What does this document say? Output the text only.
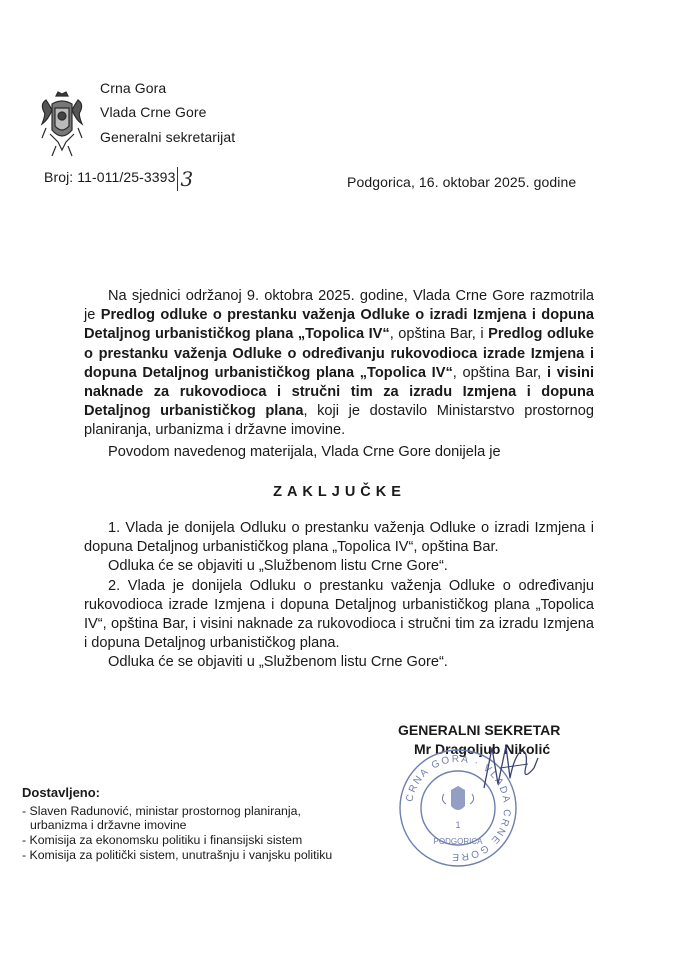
Crna Gora
Vlada Crne Gore
Generalni sekretarijat
Broj: 11-011/25-3393 3	Podgorica, 16. oktobar 2025. godine

Na sjednici održanoj 9. oktobra 2025. godine, Vlada Crne Gore razmotrila je Predlog odluke o prestanku važenja Odluke o izradi Izmjena i dopuna Detaljnog urbanističkog plana „Topolica IV“, opština Bar, i Predlog odluke o prestanku važenja Odluke o određivanju rukovodioca izrade Izmjena i dopuna Detaljnog urbanističkog plana „Topolica IV“, opština Bar, i visini naknade za rukovodioca i stručni tim za izradu Izmjena i dopuna Detaljnog urbanističkog plana, koji je dostavilo Ministarstvo prostornog planiranja, urbanizma i državne imovine.

Povodom navedenog materijala, Vlada Crne Gore donijela je

ZAKLJUČKE

1. Vlada je donijela Odluku o prestanku važenja Odluke o izradi Izmjena i dopuna Detaljnog urbanističkog plana „Topolica IV“, opština Bar.

Odluka će se objaviti u „Službenom listu Crne Gore“.

2. Vlada je donijela Odluku o prestanku važenja Odluke o određivanju rukovodioca izrade Izmjena i dopuna Detaljnog urbanističkog plana „Topolica IV“, opština Bar, i visini naknade za rukovodioca i stručni tim za izradu Izmjena i dopuna Detaljnog urbanističkog plana.

Odluka će se objaviti u „Službenom listu Crne Gore“.

GENERALNI SEKRETAR
Mr Dragoljub Nikolić
CRNA GORA · VLADA CRNE GORE
1
PODGORICA
Dostavljeno:
- Slaven Radunović, ministar prostornog planiranja,
urbanizma i državne imovine
- Komisija za ekonomsku politiku i finansijski sistem
- Komisija za politički sistem, unutrašnju i vanjsku politiku
